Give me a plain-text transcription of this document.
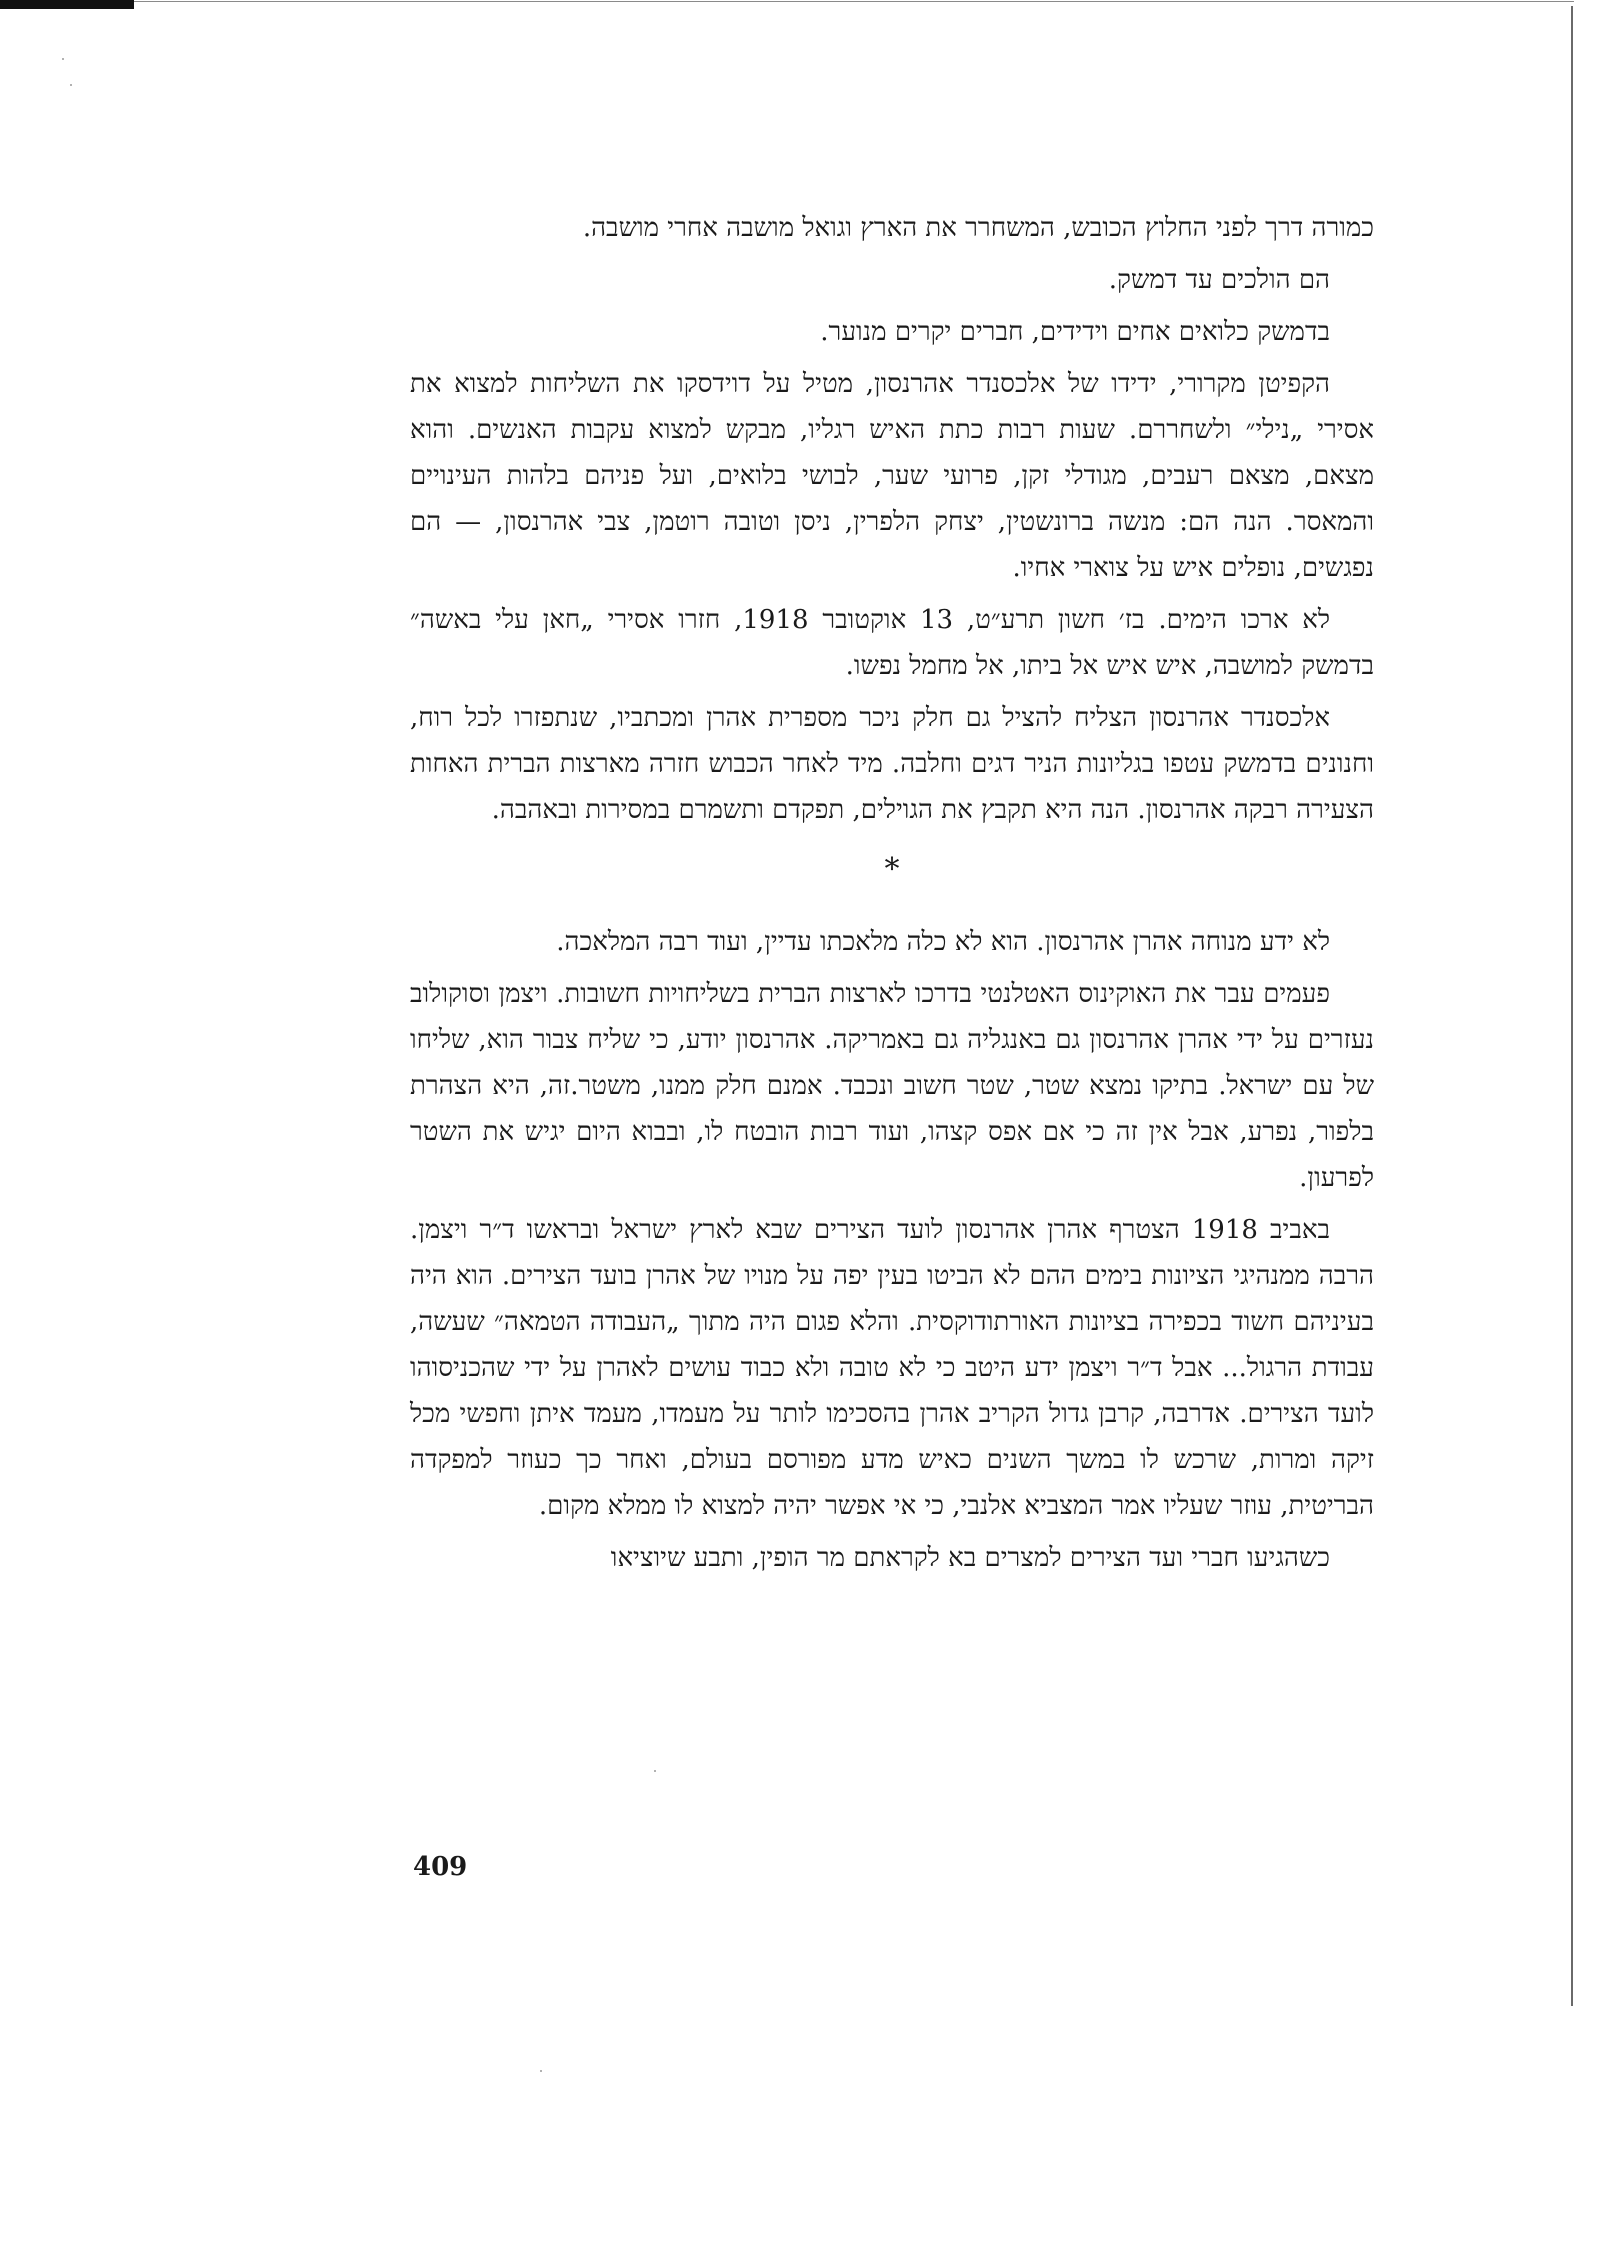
כמורה דרך לפני החלוץ הכובש, המשחרר את הארץ וגואל מושבה אחרי מושבה.

הם הולכים עד דמשק.

בדמשק כלואים אחים וידידים, חברים יקרים מנוער.

הקפיטן מקרורי, ידידו של אלכסנדר אהרנסון, מטיל על דוידסקו את השליחות למצוא את אסירי „נילי״ ולשחררם. שעות רבות כתת האיש רגליו, מבקש למצוא עקבות האנשים. והוא מצאם, מצאם רעבים, מגודלי זקן, פרועי שער, לבושי בלואים, ועל פניהם בלהות העינויים והמאסר. הנה הם: מנשה ברונשטין, יצחק הלפרין, ניסן וטובה רוטמן, צבי אהרנסון, — הם נפגשים, נופלים איש על צוארי אחיו.

לא ארכו הימים. בז׳ חשון תרע״ט, 13 אוקטובר 1918, חזרו אסירי „חאן עלי באשה״ בדמשק למושבה, איש איש אל ביתו, אל מחמל נפשו.

אלכסנדר אהרנסון הצליח להציל גם חלק ניכר מספרית אהרן ומכתביו, שנתפזרו לכל רוח, וחנונים בדמשק עטפו בגליונות הניר דגים וחלבה. מיד לאחר הכבוש חזרה מארצות הברית האחות הצעירה רבקה אהרנסון. הנה היא תקבץ את הגוילים, תפקדם ותשמרם במסירות ובאהבה.

*

לא ידע מנוחה אהרן אהרנסון. הוא לא כלה מלאכתו עדיין, ועוד רבה המלאכה.

פעמים עבר את האוקינוס האטלנטי בדרכו לארצות הברית בשליחויות חשובות. ויצמן וסוקולוב נעזרים על ידי אהרן אהרנסון גם באנגליה גם באמריקה. אהרנסון יודע, כי שליח צבור הוא, שליחו של עם ישראל. בתיקו נמצא שטר, שטר חשוב ונכבד. אמנם חלק ממנו, משטר.זה, היא הצהרת בלפור, נפרע, אבל אין זה כי אם אפס קצהו, ועוד רבות הובטח לו, ובבוא היום יגיש את השטר לפרעון.

באביב 1918 הצטרף אהרן אהרנסון לועד הצירים שבא לארץ ישראל ובראשו ד״ר ויצמן. הרבה ממנהיגי הציונות בימים ההם לא הביטו בעין יפה על מנויו של אהרן בועד הצירים. הוא היה בעיניהם חשוד בכפירה בציונות האורתודוקסית. והלא פגום היה מתוך „העבודה הטמאה״ שעשה, עבודת הרגול... אבל ד״ר ויצמן ידע היטב כי לא טובה ולא כבוד עושים לאהרן על ידי שהכניסוהו לועד הצירים. אדרבה, קרבן גדול הקריב אהרן בהסכימו לותר על מעמדו, מעמד איתן וחפשי מכל זיקה ומרות, שרכש לו במשך השנים כאיש מדע מפורסם בעולם, ואחר כך כעוזר למפקדה הבריטית, עוזר שעליו אמר המצביא אלנבי, כי אי אפשר יהיה למצוא לו ממלא מקום.

כשהגיעו חברי ועד הצירים למצרים בא לקראתם מר הופין, ותבע שיוציאו

409
